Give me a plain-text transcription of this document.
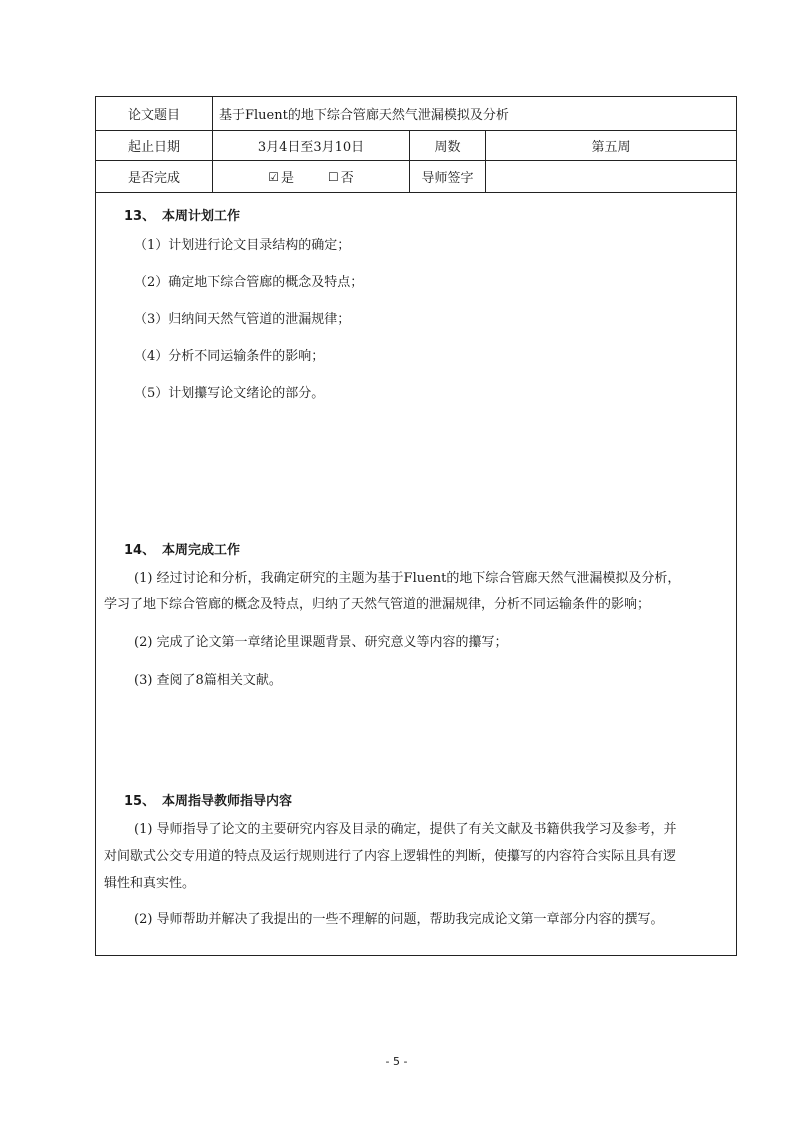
论文题目	基于Fluent的地下综合管廊天然气泄漏模拟及分析
起止日期	3月4日至3月10日	周数	第五周
是否完成	☑ 是	☐ 否	导师签字
13、 本周计划工作
（1）计划进行论文目录结构的确定；
（2）确定地下综合管廊的概念及特点；
（3）归纳间天然气管道的泄漏规律；
（4）分析不同运输条件的影响；
（5）计划攥写论文绪论的部分。
14、 本周完成工作
(1) 经过讨论和分析，我确定研究的主题为基于Fluent的地下综合管廊天然气泄漏模拟及分析，
学习了地下综合管廊的概念及特点，归纳了天然气管道的泄漏规律，分析不同运输条件的影响；
(2) 完成了论文第一章绪论里课题背景、研究意义等内容的攥写；
(3) 查阅了8篇相关文献。
15、 本周指导教师指导内容
(1) 导师指导了论文的主要研究内容及目录的确定，提供了有关文献及书籍供我学习及参考，并
对间歇式公交专用道的特点及运行规则进行了内容上逻辑性的判断，使攥写的内容符合实际且具有逻
辑性和真实性。
(2) 导师帮助并解决了我提出的一些不理解的问题，帮助我完成论文第一章部分内容的撰写。
- 5 -
